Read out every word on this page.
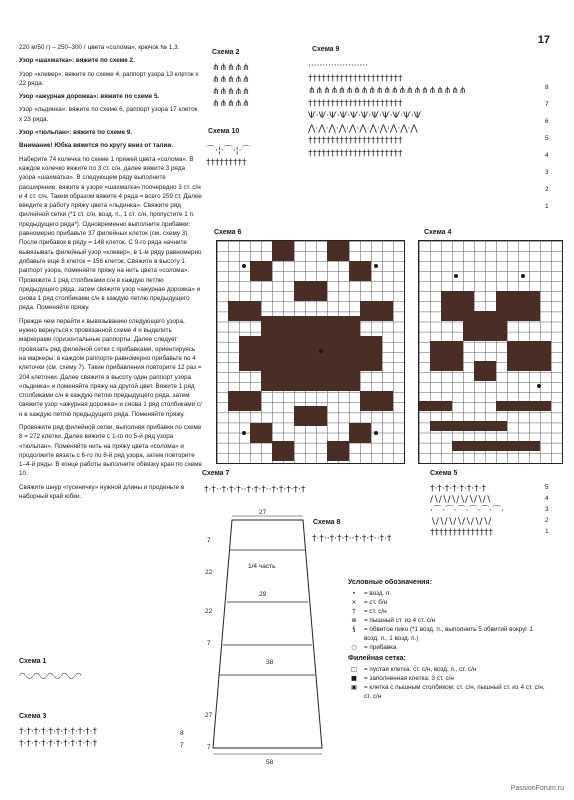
17

220 м/50 г) – 250–300 г цвета «солома», крючок № 1,3.

Узор «шахматка»: вяжите по схеме 2.

Узор «клевер»: вяжите по схеме 4, раппорт узора 13 клеток х 22 ряда.

Узор «ажурная дорожка»: вяжите по схеме 5.

Узор «льдинка»: вяжите по схеме 6, раппорт узора 17 клеток х 23 ряда.

Узор «тюльпан»: вяжите по схеме 9.

Внимание! Юбка вяжется по кругу вниз от талии.

Наберите 74 колечка по схеме 1 пряжей цвета «солома». В каждое колечко вяжите по 3 ст. с/н, далее вяжите 3 ряда узора «шахматка». В следующем ряду выполните расширение: вяжите в узоре «шахматка» поочередно 3 ст. с/н и 4 ст. с/н. Таким образом вяжите 4 ряда = всего 259 ст. Далее введите в работу пряжу цвета «льдинка». Свяжите ряд филейной сетки (*1 ст. с/н, возд. п., 1 ст. с/н, пропустите 1 п. предыдущего ряда*). Одновременно выполните прибавки: равномерно прибавьте 37 филейных клеток (см. схему 3). После прибавок в ряду = 148 клеток. С 9-го ряда начните вывязывать филейный узор «клевер», в 1-м ряду равномерно добавьте еще 8 клеток = 156 клеток. Свяжите в высоту 1 раппорт узора, поменяйте пряжу на нить цвета «солома». Провяжите 1 ряд столбиками с/н в каждую петлю предыдущего ряда, затем свяжите узор «ажурная дорожка» и снова 1 ряд столбиками с/н в каждую петлю предыдущего ряда. Поменяйте пряжу.

Прежде чем перейти к вывязыванию следующего узора, нужно вернуться к провязанной схеме 4 и выделить маркерами горизонтальные раппорты. Далее следует провязать ряд филейной сетки с прибавками, ориентируясь на маркеры: в каждом раппорте равномерно прибавьте по 4 клеточки (см. схему 7). Такие прибавления повторите 12 раз = 204 клеточки. Далее свяжите в высоту один раппорт узора «льдинка» и поменяйте пряжу на другой цвет. Вяжите 1 ряд столбиками с/н в каждую петлю предыдущего ряда, затем свяжите узор «ажурная дорожка» и снова 1 ряд столбиками с/н в каждую петлю предыдущего ряда. Поменяйте пряжу.

Провяжите ряд филейной сетки, выполняя прибавки по схеме 8 = 272 клетки. Далее вяжите с 1-го по 5-й ряд узора «тюльпан». Поменяйте нить на пряжу цвета «солома» и продолжите вязать с 6-го по 8-й ряд узора, затем повторите 1–4-й ряды. В конце работы выполните обвязку края по схеме 10.

Свяжите шнур «гусеничку» нужной длины и проденьте в наборный край юбки.

Схема 1
◠◡◠◡◠◡◠◡◠
Схема 3
†·†·†·†·†·†·†·†·†·†·†
†·†·†·†·†·†·†·†·†·†·†
8
7
Схема 2
⋔⋔⋔⋔⋔
⋔⋔⋔⋔⋔
⋔⋔⋔⋔⋔
⋔⋔⋔⋔⋔
Схема 10
⌒·¦·⌒·¦·⌒
†††††††††
Схема 9
·····················
†††††††††††††††††††††
⋔⋔⋔⋔⋔⋔⋔⋔⋔⋔⋔⋔⋔⋔⋔⋔⋔⋔⋔⋔⋔
†††††††††††††††††††††
Ѱ·Ѱ·Ѱ·Ѱ·Ѱ·Ѱ·Ѱ·Ѱ·Ѱ·Ѱ·Ѱ
⋀·⋀·⋀·⋀·⋀·⋀·⋀·⋀·⋀·⋀·⋀
†††††††††††††††††††††
†††††††††††††††††††††
8
7
6
5
4
3
2
1
Схема 6	Схема 4
Схема 7
†·†··†·†·†··†·†·†··†·†·†·†·†
Схема 5
†·†·†·†·†·†·†·†
∕∖∕∖∕∖∕∖∕∖∕∖∕∖
·⌒·⌒·⌒·⌒·⌒·⌒·
∖∕∖∕∖∕∖∕∖∕∖∕∖∕
††††††††††††††
5
4
3
2
1
Схема 8
†·†··†·†·†··†·†·†··†·†
27
29
38
58
7
22
22
7
27
7
1/4 часть
Условные обозначения:
•	= возд. п.
×	= ст. б/н
†	= ст. с/н
⊕	= пышный ст. из 4 ст. с/н
§	= обвитое пико (*1 возд. п., выполнить 5 обвитий вокруг 1 возд. п., 1 возд. п.)
○	= прибавка
Филейная сетка:
□	= пустая клетка: ст. с/н, возд. п., ст. с/н
■	= заполненная клетка: 3 ст. с/н
▣	= клетка с пышным столбиком: ст. с/н, пышный ст. из 4 ст. с/н, ст. с/н
PassionForum.ru
